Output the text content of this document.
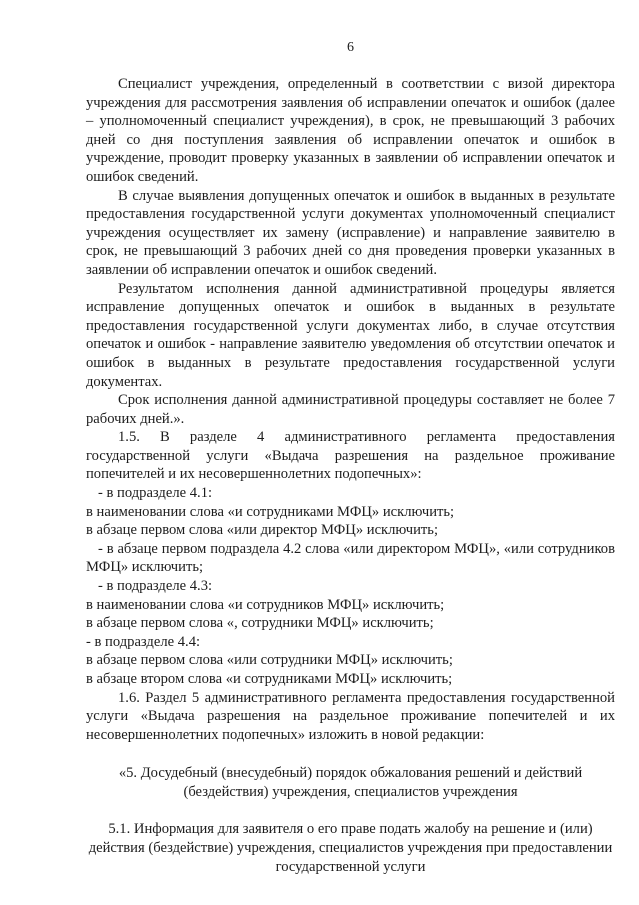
6

Специалист учреждения, определенный в соответствии с визой директора учреждения для рассмотрения заявления об исправлении опечаток и ошибок (далее – уполномоченный специалист учреждения), в срок, не превышающий 3 рабочих дней со дня поступления заявления об исправлении опечаток и ошибок в учреждение, проводит проверку указанных в заявлении об исправлении опечаток и ошибок сведений.

В случае выявления допущенных опечаток и ошибок в выданных в результате предоставления государственной услуги документах уполномоченный специалист учреждения осуществляет их замену (исправление) и направление заявителю в срок, не превышающий 3 рабочих дней со дня проведения проверки указанных в заявлении об исправлении опечаток и ошибок сведений.

Результатом исполнения данной административной процедуры является исправление допущенных опечаток и ошибок в выданных в результате предоставления государственной услуги документах либо, в случае отсутствия опечаток и ошибок - направление заявителю уведомления об отсутствии опечаток и ошибок в выданных в результате предоставления государственной услуги документах.

Срок исполнения данной административной процедуры составляет не более 7 рабочих дней.».

1.5. В разделе 4 административного регламента предоставления государственной услуги «Выдача разрешения на раздельное проживание попечителей и их несовершеннолетних подопечных»:

- в подразделе 4.1:

в наименовании слова «и сотрудниками МФЦ» исключить;

в абзаце первом слова «или директор МФЦ» исключить;

- в абзаце первом подраздела 4.2 слова «или директором МФЦ», «или сотрудников МФЦ» исключить;

- в подразделе 4.3:

в наименовании слова «и сотрудников МФЦ» исключить;

в абзаце первом слова «, сотрудники МФЦ» исключить;

- в подразделе 4.4:

в абзаце первом слова «или сотрудники МФЦ» исключить;

в абзаце втором слова «и сотрудниками МФЦ» исключить;

1.6. Раздел 5 административного регламента предоставления государственной услуги «Выдача разрешения на раздельное проживание попечителей и их несовершеннолетних подопечных» изложить в новой редакции:

«5. Досудебный (внесудебный) порядок обжалования решений и действий (бездействия) учреждения, специалистов учреждения

5.1. Информация для заявителя о его праве подать жалобу на решение и (или) действия (бездействие) учреждения, специалистов учреждения при предоставлении государственной услуги
